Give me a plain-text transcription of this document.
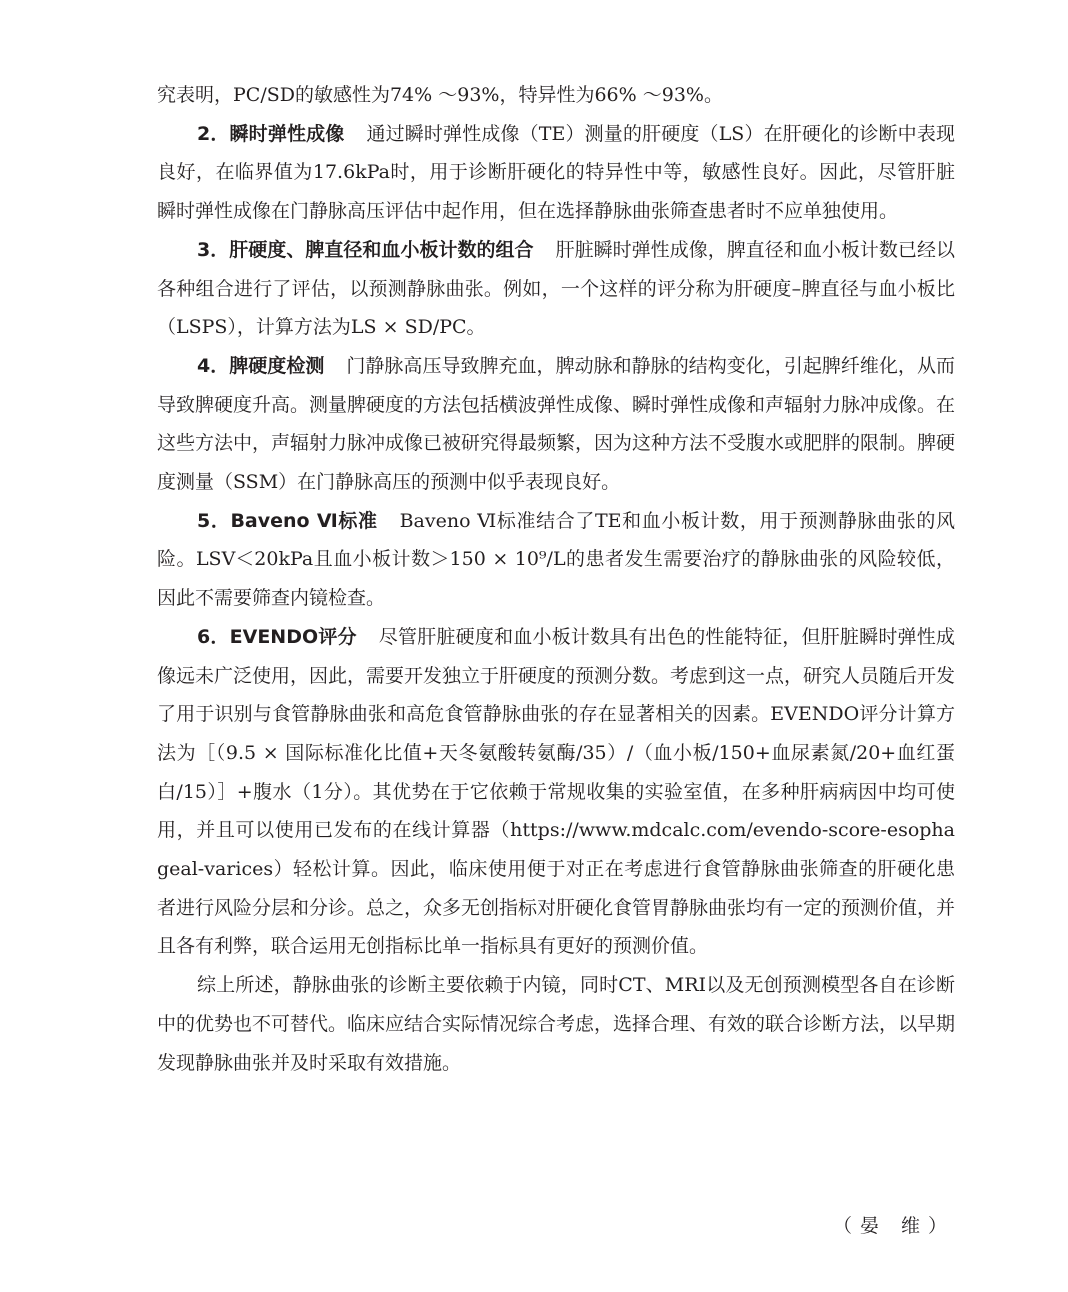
究表明，PC/SD的敏感性为74% ～93%，特异性为66% ～93%。

2．瞬时弹性成像 通过瞬时弹性成像（TE）测量的肝硬度（LS）在肝硬化的诊断中表现良好，在临界值为17.6kPa时，用于诊断肝硬化的特异性中等，敏感性良好。因此，尽管肝脏瞬时弹性成像在门静脉高压评估中起作用，但在选择静脉曲张筛查患者时不应单独使用。

3．肝硬度、脾直径和血小板计数的组合 肝脏瞬时弹性成像，脾直径和血小板计数已经以各种组合进行了评估，以预测静脉曲张。例如，一个这样的评分称为肝硬度–脾直径与血小板比（LSPS），计算方法为LS × SD/PC。

4．脾硬度检测 门静脉高压导致脾充血，脾动脉和静脉的结构变化，引起脾纤维化，从而导致脾硬度升高。测量脾硬度的方法包括横波弹性成像、瞬时弹性成像和声辐射力脉冲成像。在这些方法中，声辐射力脉冲成像已被研究得最频繁，因为这种方法不受腹水或肥胖的限制。脾硬度测量（SSM）在门静脉高压的预测中似乎表现良好。

5．Baveno Ⅵ标准 Baveno Ⅵ标准结合了TE和血小板计数，用于预测静脉曲张的风险。LSV＜20kPa且血小板计数＞150 × 10⁹/L的患者发生需要治疗的静脉曲张的风险较低，因此不需要筛查内镜检查。

6．EVENDO评分 尽管肝脏硬度和血小板计数具有出色的性能特征，但肝脏瞬时弹性成像远未广泛使用，因此，需要开发独立于肝硬度的预测分数。考虑到这一点，研究人员随后开发了用于识别与食管静脉曲张和高危食管静脉曲张的存在显著相关的因素。EVENDO评分计算方法为［（9.5 × 国际标准化比值+天冬氨酸转氨酶/35）/（血小板/150+血尿素氮/20+血红蛋白/15）］+腹水（1分）。其优势在于它依赖于常规收集的实验室值，在多种肝病病因中均可使用，并且可以使用已发布的在线计算器（https://www.mdcalc.com/evendo-score-esophageal-varices）轻松计算。因此，临床使用便于对正在考虑进行食管静脉曲张筛查的肝硬化患者进行风险分层和分诊。总之，众多无创指标对肝硬化食管胃静脉曲张均有一定的预测价值，并且各有利弊，联合运用无创指标比单一指标具有更好的预测价值。

综上所述，静脉曲张的诊断主要依赖于内镜，同时CT、MRI以及无创预测模型各自在诊断中的优势也不可替代。临床应结合实际情况综合考虑，选择合理、有效的联合诊断方法，以早期发现静脉曲张并及时采取有效措施。

（晏 维）
